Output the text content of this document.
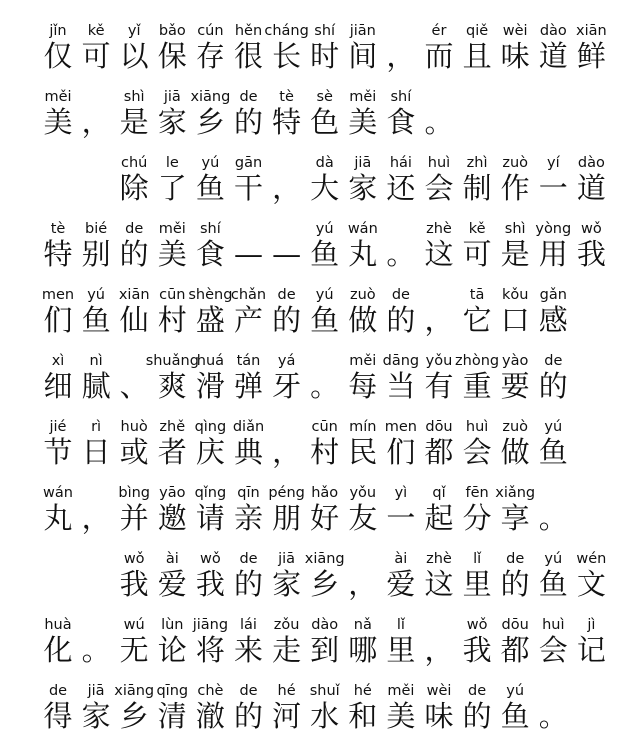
jǐn
仅
kě
可
yǐ
以
bǎo
保
cún
存
hěn
很
cháng
长
shí
时
jiān
间 ，
ér
而
qiě
且
wèi
味
dào
道
xiān
鲜
měi
美 ，
shì
是
jiā
家
xiāng
乡
de
的
tè
特
sè
色
měi
美
shí
食 。
chú
除
le
了
yú
鱼
gān
干 ，
dà
大
jiā
家
hái
还
huì
会
zhì
制
zuò
作
yí
一
dào
道
tè
特
bié
别
de
的
měi
美
shí
食 — —
yú
鱼
wán
丸 。
zhè
这
kě
可
shì
是
yòng
用
wǒ
我
men
们
yú
鱼
xiān
仙
cūn
村
shèng
盛
chǎn
产
de
的
yú
鱼
zuò
做
de
的 ，
tā
它
kǒu
口
gǎn
感
xì
细
nì
腻 、
shuǎng
爽
huá
滑
tán
弹
yá
牙 。
měi
每
dāng
当
yǒu
有
zhòng
重
yào
要
de
的
jié
节
rì
日
huò
或
zhě
者
qìng
庆
diǎn
典 ，
cūn
村
mín
民
men
们
dōu
都
huì
会
zuò
做
yú
鱼
wán
丸 ，
bìng
并
yāo
邀
qǐng
请
qīn
亲
péng
朋
hǎo
好
yǒu
友
yì
一
qǐ
起
fēn
分
xiǎng
享 。
wǒ
我
ài
爱
wǒ
我
de
的
jiā
家
xiāng
乡 ，
ài
爱
zhè
这
lǐ
里
de
的
yú
鱼
wén
文
huà
化 。
wú
无
lùn
论
jiāng
将
lái
来
zǒu
走
dào
到
nǎ
哪
lǐ
里 ，
wǒ
我
dōu
都
huì
会
jì
记
de
得
jiā
家
xiāng
乡
qīng
清
chè
澈
de
的
hé
河
shuǐ
水
hé
和
měi
美
wèi
味
de
的
yú
鱼 。
